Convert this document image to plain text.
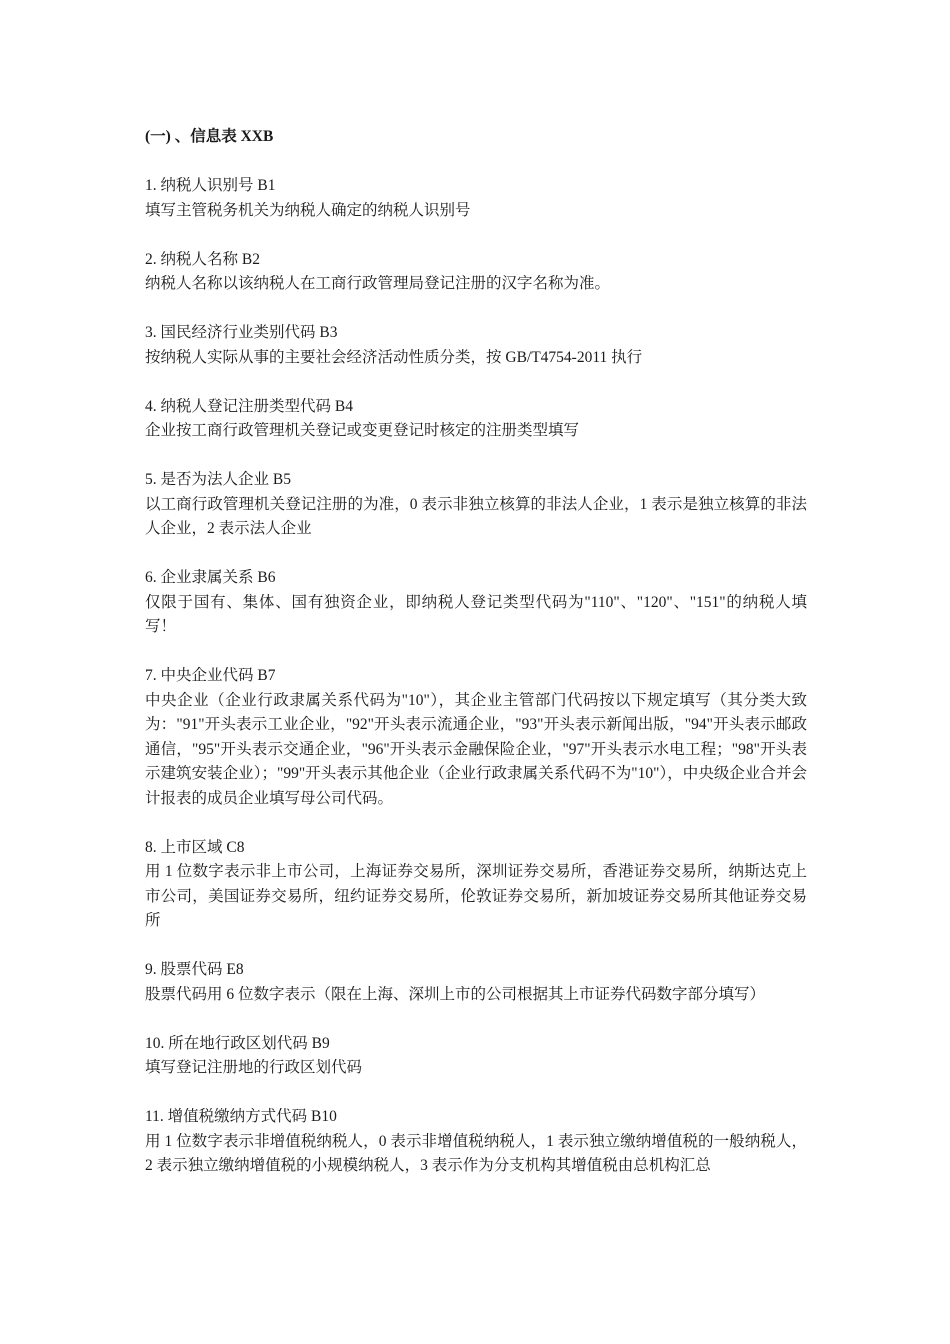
(一) 、信息表 XXB

1. 纳税人识别号 B1

填写主管税务机关为纳税人确定的纳税人识别号

2. 纳税人名称 B2

纳税人名称以该纳税人在工商行政管理局登记注册的汉字名称为准。

3. 国民经济行业类别代码 B3

按纳税人实际从事的主要社会经济活动性质分类，按 GB/T4754-2011 执行

4. 纳税人登记注册类型代码 B4

企业按工商行政管理机关登记或变更登记时核定的注册类型填写

5. 是否为法人企业 B5

以工商行政管理机关登记注册的为准，0 表示非独立核算的非法人企业，1 表示是独立核算的非法人企业，2 表示法人企业

6. 企业隶属关系 B6

仅限于国有、集体、国有独资企业，即纳税人登记类型代码为"110"、"120"、"151"的纳税人填写！

7. 中央企业代码 B7

中央企业（企业行政隶属关系代码为"10"），其企业主管部门代码按以下规定填写（其分类大致为："91"开头表示工业企业，"92"开头表示流通企业，"93"开头表示新闻出版，"94"开头表示邮政通信，"95"开头表示交通企业，"96"开头表示金融保险企业，"97"开头表示水电工程；"98"开头表示建筑安装企业）；"99"开头表示其他企业（企业行政隶属关系代码不为"10"），中央级企业合并会计报表的成员企业填写母公司代码。

8. 上市区域 C8

用 1 位数字表示非上市公司，上海证券交易所，深圳证券交易所，香港证券交易所，纳斯达克上市公司，美国证券交易所，纽约证券交易所，伦敦证券交易所，新加坡证券交易所其他证券交易所

9. 股票代码 E8

股票代码用 6 位数字表示（限在上海、深圳上市的公司根据其上市证券代码数字部分填写）

10. 所在地行政区划代码 B9

填写登记注册地的行政区划代码

11. 增值税缴纳方式代码 B10

用 1 位数字表示非增值税纳税人，0 表示非增值税纳税人，1 表示独立缴纳增值税的一般纳税人，2 表示独立缴纳增值税的小规模纳税人，3 表示作为分支机构其增值税由总机构汇总
